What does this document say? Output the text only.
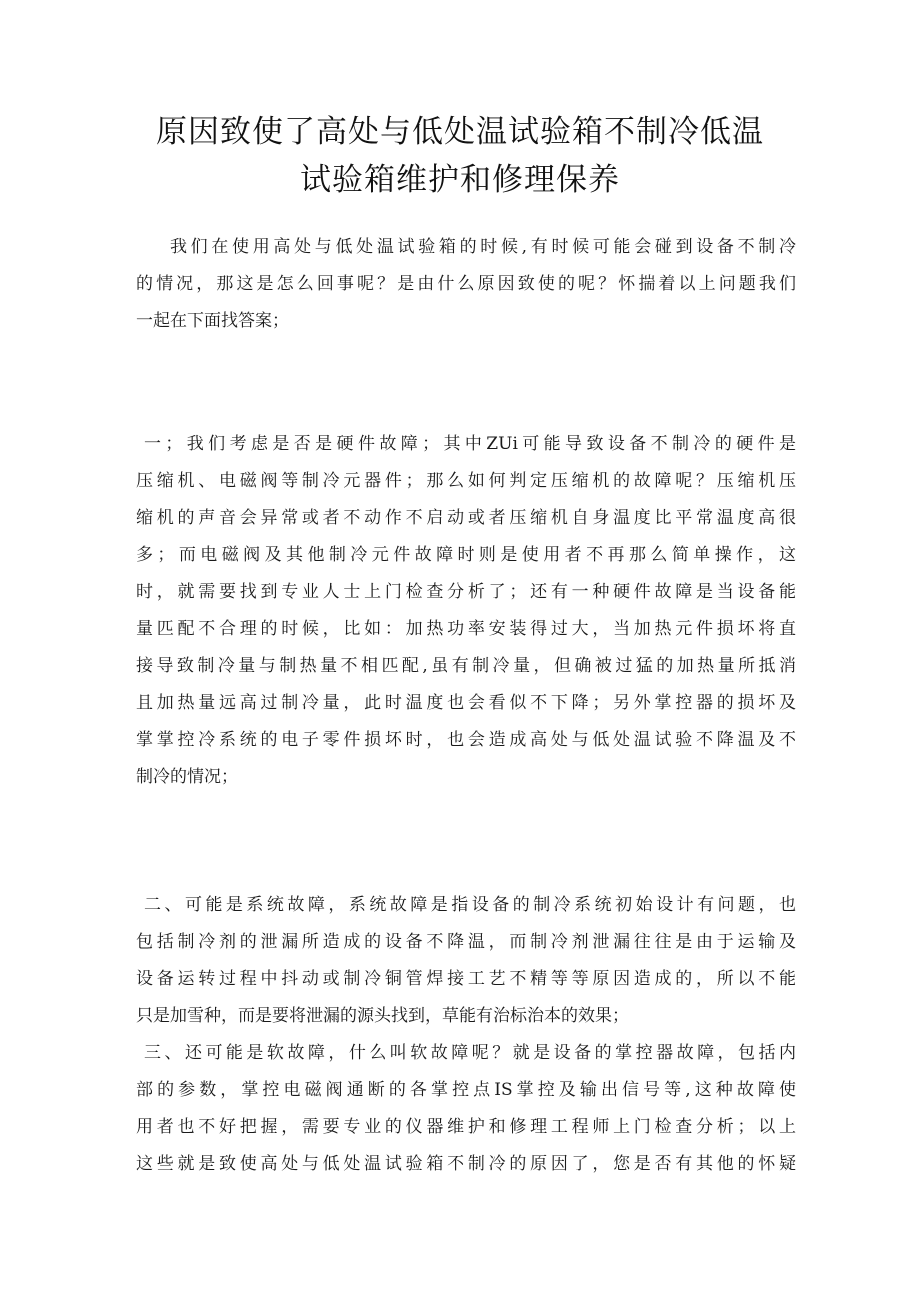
原因致使了高处与低处温试验箱不制冷低温
试验箱维护和修理保养

我们在使用高处与低处温试验箱的时候,有时候可能会碰到设备不制冷
的情况，那这是怎么回事呢？是由什么原因致使的呢？怀揣着以上问题我们
一起在下面找答案；

一；我们考虑是否是硬件故障；其中ZUi可能导致设备不制冷的硬件是
压缩机、电磁阀等制冷元器件；那么如何判定压缩机的故障呢？压缩机压
缩机的声音会异常或者不动作不启动或者压缩机自身温度比平常温度高很
多；而电磁阀及其他制冷元件故障时则是使用者不再那么简单操作，这
时，就需要找到专业人士上门检查分析了；还有一种硬件故障是当设备能
量匹配不合理的时候，比如：加热功率安装得过大，当加热元件损坏将直
接导致制冷量与制热量不相匹配,虽有制冷量，但确被过猛的加热量所抵消
且加热量远高过制冷量，此时温度也会看似不下降；另外掌控器的损坏及
掌掌控冷系统的电子零件损坏时，也会造成高处与低处温试验不降温及不
制冷的情况；

二、可能是系统故障，系统故障是指设备的制冷系统初始设计有问题，也
包括制冷剂的泄漏所造成的设备不降温，而制冷剂泄漏往往是由于运输及
设备运转过程中抖动或制冷铜管焊接工艺不精等等原因造成的，所以不能
只是加雪种，而是要将泄漏的源头找到，草能有治标治本的效果；

三、还可能是软故障，什么叫软故障呢？就是设备的掌控器故障，包括内
部的参数，掌控电磁阀通断的各掌控点IS掌控及输出信号等,这种故障使
用者也不好把握，需要专业的仪器维护和修理工程师上门检查分析；以上
这些就是致使高处与低处温试验箱不制冷的原因了，您是否有其他的怀疑
